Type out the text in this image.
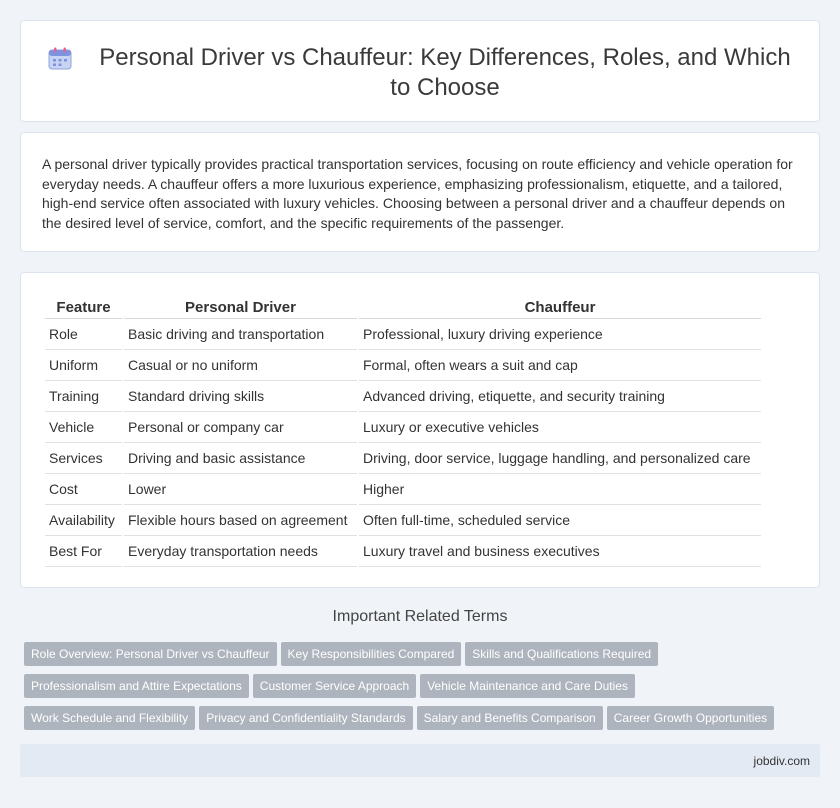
Personal Driver vs Chauffeur: Key Differences, Roles, and Which to Choose

A personal driver typically provides practical transportation services, focusing on route efficiency and vehicle operation for everyday needs. A chauffeur offers a more luxurious experience, emphasizing professionalism, etiquette, and a tailored, high-end service often associated with luxury vehicles. Choosing between a personal driver and a chauffeur depends on the desired level of service, comfort, and the specific requirements of the passenger.

Feature	Personal Driver	Chauffeur
Role	Basic driving and transportation	Professional, luxury driving experience
Uniform	Casual or no uniform	Formal, often wears a suit and cap
Training	Standard driving skills	Advanced driving, etiquette, and security training
Vehicle	Personal or company car	Luxury or executive vehicles
Services	Driving and basic assistance	Driving, door service, luggage handling, and personalized care
Cost	Lower	Higher
Availability	Flexible hours based on agreement	Often full-time, scheduled service
Best For	Everyday transportation needs	Luxury travel and business executives
Important Related Terms
Role Overview: Personal Driver vs Chauffeur Key Responsibilities Compared Skills and Qualifications Required
Professionalism and Attire Expectations Customer Service Approach Vehicle Maintenance and Care Duties
Work Schedule and Flexibility Privacy and Confidentiality Standards Salary and Benefits Comparison Career Growth Opportunities
jobdiv.com
